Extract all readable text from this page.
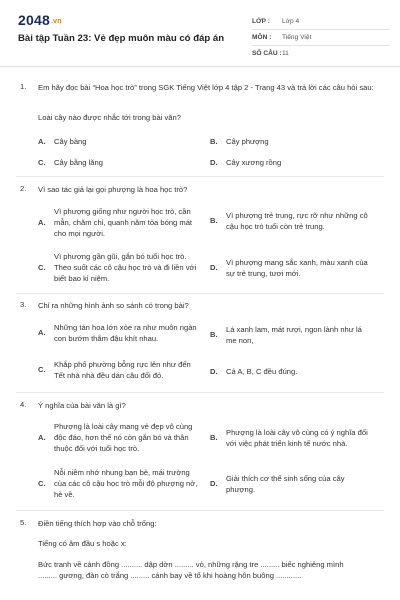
2048.vn
Bài tập Tuần 23: Vẻ đẹp muôn màu có đáp án
LỚP : Lớp 4
MÔN : Tiếng Việt
SỐ CÂU : 11
1. Em hãy đọc bài “Hoa học trò” trong SGK Tiếng Việt lớp 4 tập 2 - Trang 43 và trả lời các câu hỏi sau:
Loài cây nào được nhắc tới trong bài văn?
A. Cây bàng	B. Cây phượng
C. Cây bằng lăng	D. Cây xương rồng
2. Vì sao tác giả lại gọi phượng là hoa học trò?
A.
Vì phượng giống như người học trò, cần
mẫn, chăm chỉ, quanh năm tỏa bóng mát
cho mọi người.
B.
Vì phượng trẻ trung, rực rỡ như những cô
cậu học trò tuổi còn trẻ trung.
C.
Vì phượng gần gũi, gắn bó tuổi học trò.
Theo suốt các cô cậu học trò và đi liền với
biết bao kỉ niệm.
D.
Vì phượng mang sắc xanh, màu xanh của
sự trẻ trung, tươi mới.
3. Chỉ ra những hình ảnh so sánh có trong bài?
A.
Những tán hoa lớn xòe ra như muôn ngàn
con bướm thắm đậu khít nhau.	B.
Lá xanh lam, mát rượi, ngon lành như lá
me non,
C.
Khắp phố phường bỗng rực lên như đến
Tết nhà nhà đều dán câu đối đỏ.	D. Cả A, B, C đều đúng.
4. Ý nghĩa của bài văn là gì?
A.
Phượng là loài cây mang vẻ đẹp vô cùng
độc đáo, hơn thế nó còn gắn bó và thân
thuộc đối với tuổi học trò.
B.
Phượng là loài cây vô cùng có ý nghĩa đối
với việc phát triển kinh tế nước nhà.
C.
Nỗi niềm nhớ nhung bạn bè, mái trường
của các cô cậu học trò mỗi độ phượng nở,
hè về.
D.
Giải thích cơ thể sinh sống của cây
phượng.
5. Điền tiếng thích hợp vào chỗ trống:
Tiếng có âm đầu s hoặc x:
Bức tranh về cảnh đồng .......... dập dờn ......... vỏ, những rặng tre ......... biếc nghiêng mình
......... gương, đàn cò trắng ......... cánh bay về tổ khi hoàng hôn buông ............
